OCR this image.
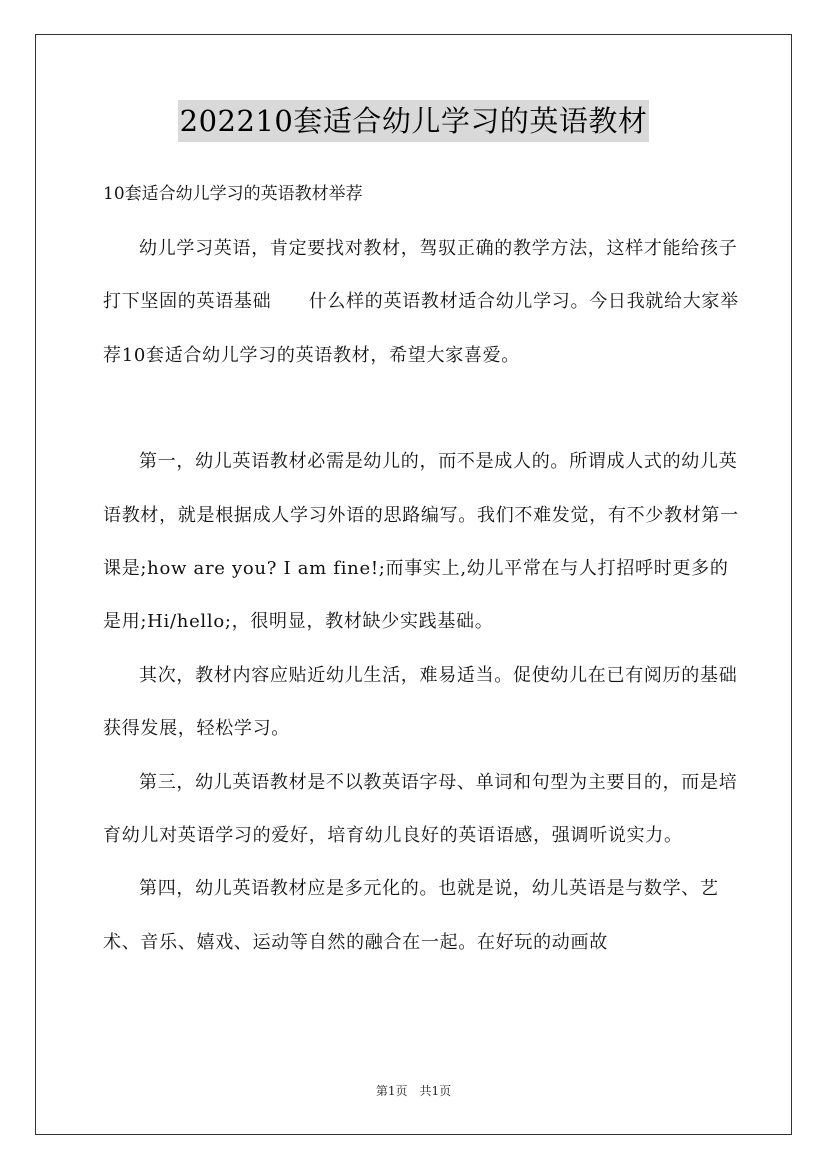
202210套适合幼儿学习的英语教材
10套适合幼儿学习的英语教材举荐

幼儿学习英语，肯定要找对教材，驾驭正确的教学方法，这样才能给孩子打下坚固的英语基础　　什么样的英语教材适合幼儿学习。今日我就给大家举荐10套适合幼儿学习的英语教材，希望大家喜爱。

第一，幼儿英语教材必需是幼儿的，而不是成人的。所谓成人式的幼儿英语教材，就是根据成人学习外语的思路编写。我们不难发觉，有不少教材第一课是;how are you? I am fine!;而事实上,幼儿平常在与人打招呼时更多的是用;Hi/hello;，很明显，教材缺少实践基础。

其次，教材内容应贴近幼儿生活，难易适当。促使幼儿在已有阅历的基础获得发展，轻松学习。

第三，幼儿英语教材是不以教英语字母、单词和句型为主要目的，而是培育幼儿对英语学习的爱好，培育幼儿良好的英语语感，强调听说实力。

第四，幼儿英语教材应是多元化的。也就是说，幼儿英语是与数学、艺术、音乐、嬉戏、运动等自然的融合在一起。在好玩的动画故

第1页　共1页
